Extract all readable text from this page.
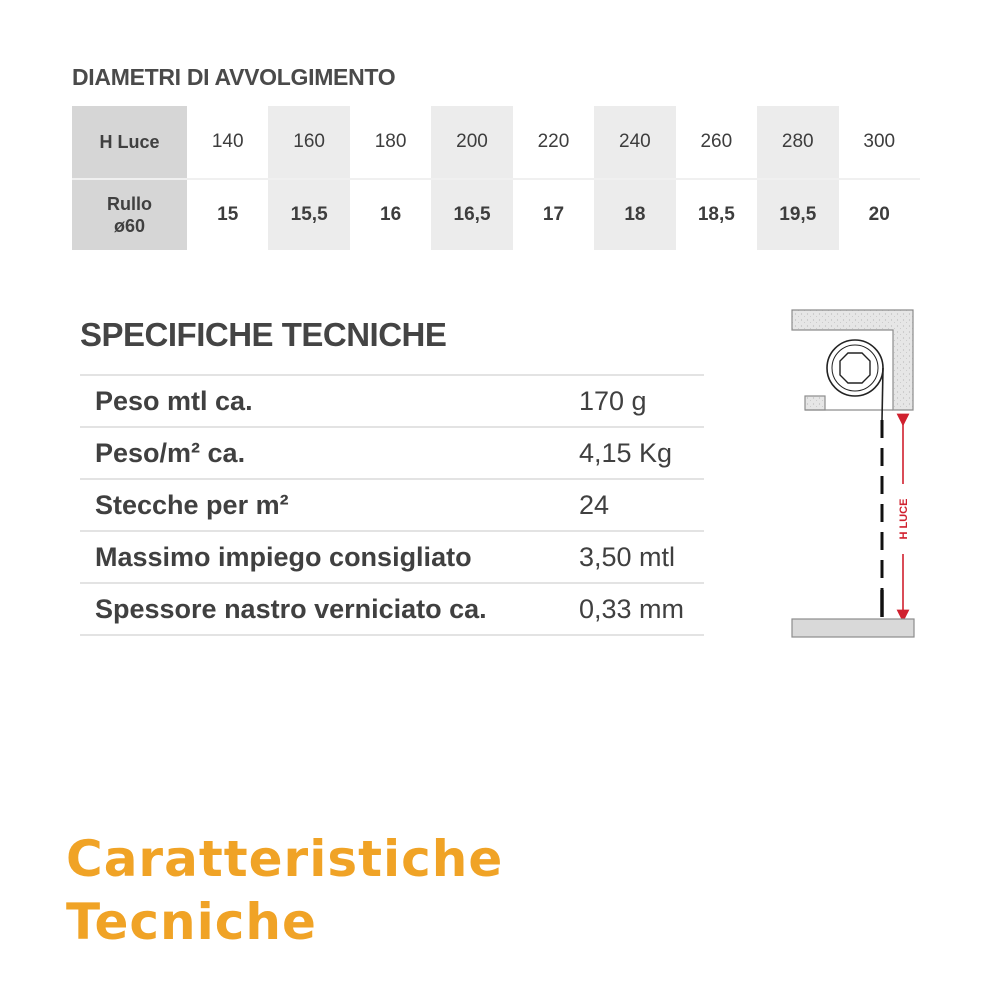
DIAMETRI DI AVVOLGIMENTO
H Luce	140	160	180	200	220	240	260	280	300
Rullo
ø60	15	15,5	16	16,5	17	18	18,5	19,5	20
SPECIFICHE TECNICHE
Peso mtl ca.	170 g
Peso/m² ca.	4,15 Kg
Stecche per m²	24
Massimo impiego consigliato	3,50 mtl
Spessore nastro verniciato ca.	0,33 mm
H LUCE
Caratteristiche
Tecniche
